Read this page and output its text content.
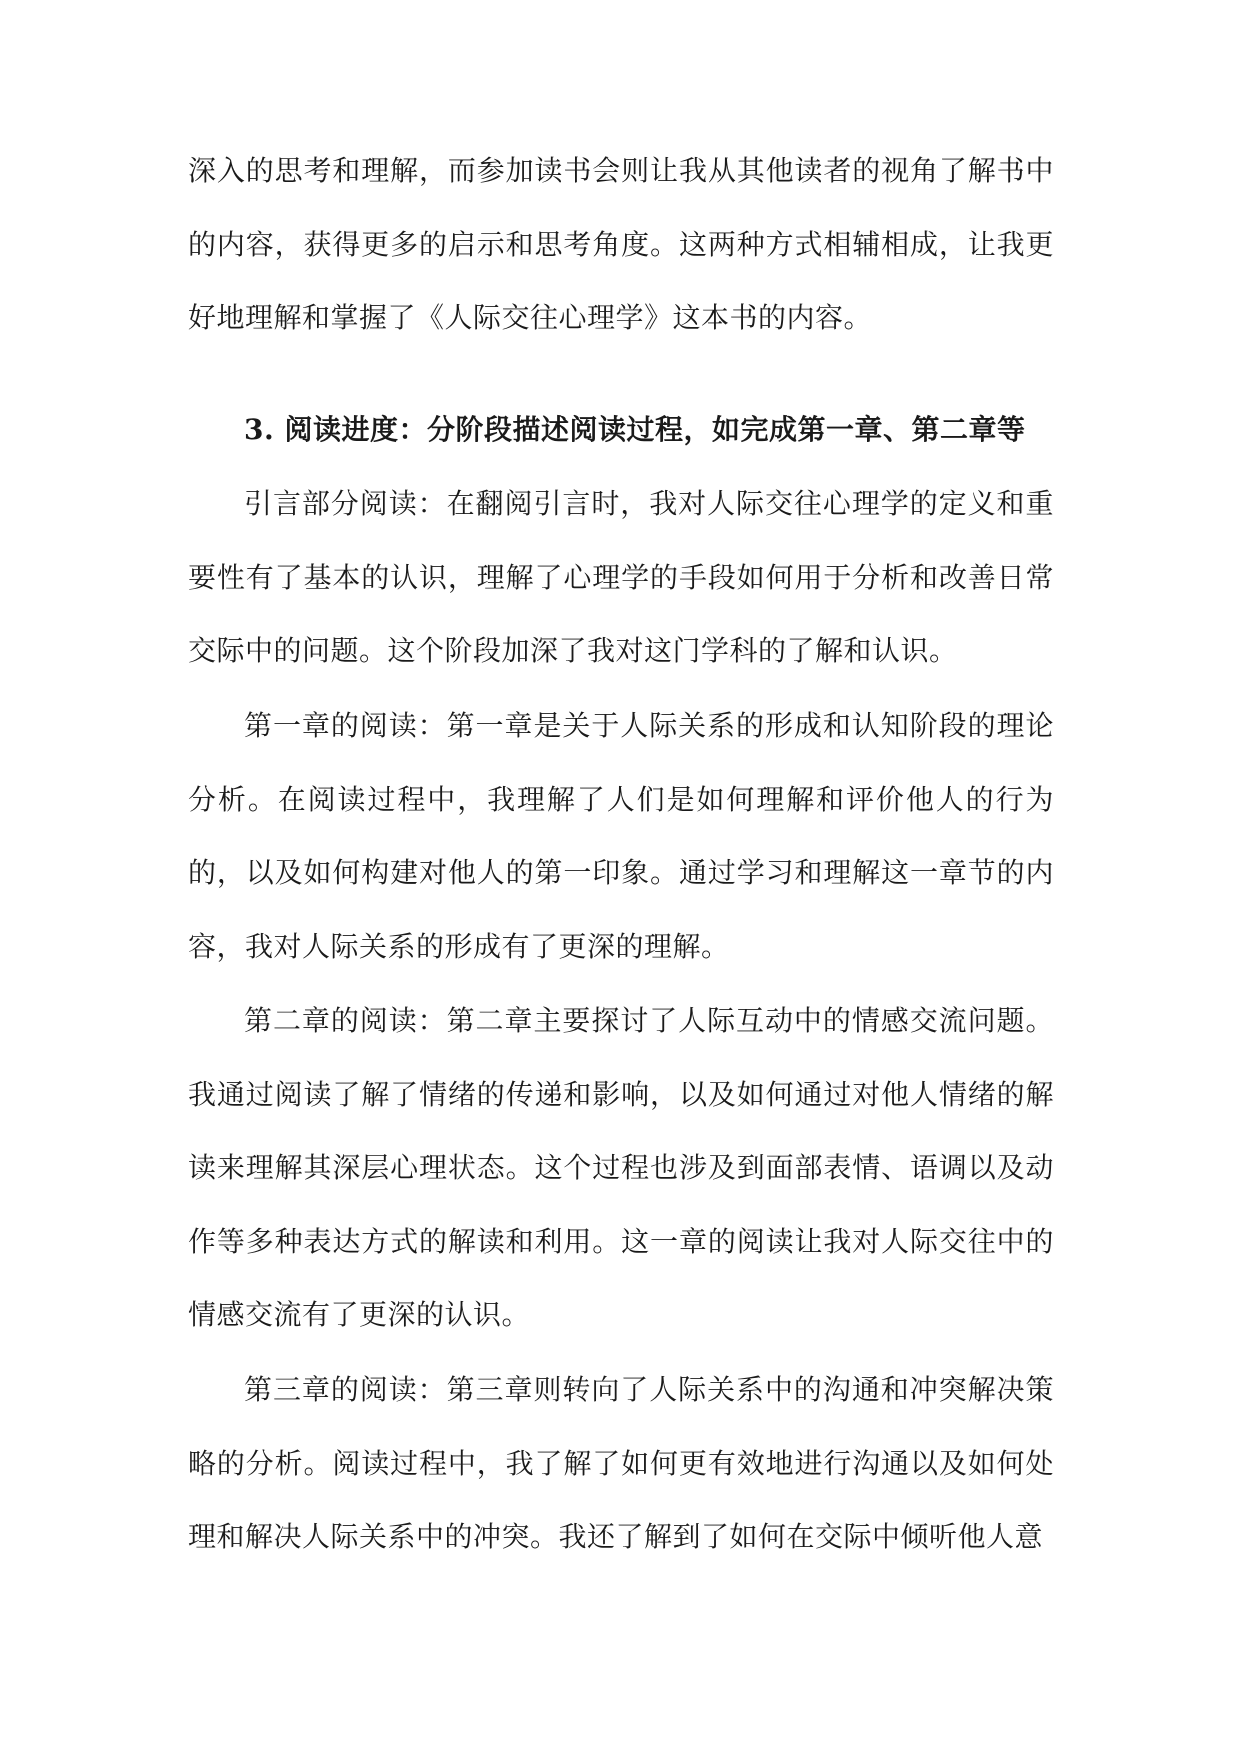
深入的思考和理解，而参加读书会则让我从其他读者的视角了解书中的内容，获得更多的启示和思考角度。这两种方式相辅相成，让我更好地理解和掌握了《人际交往心理学》这本书的内容。

3. 阅读进度：分阶段描述阅读过程，如完成第一章、第二章等

引言部分阅读：在翻阅引言时，我对人际交往心理学的定义和重要性有了基本的认识，理解了心理学的手段如何用于分析和改善日常交际中的问题。这个阶段加深了我对这门学科的了解和认识。

第一章的阅读：第一章是关于人际关系的形成和认知阶段的理论分析。在阅读过程中，我理解了人们是如何理解和评价他人的行为的，以及如何构建对他人的第一印象。通过学习和理解这一章节的内容，我对人际关系的形成有了更深的理解。

第二章的阅读：第二章主要探讨了人际互动中的情感交流问题。我通过阅读了解了情绪的传递和影响，以及如何通过对他人情绪的解读来理解其深层心理状态。这个过程也涉及到面部表情、语调以及动作等多种表达方式的解读和利用。这一章的阅读让我对人际交往中的情感交流有了更深的认识。

第三章的阅读：第三章则转向了人际关系中的沟通和冲突解决策略的分析。阅读过程中，我了解了如何更有效地进行沟通以及如何处理和解决人际关系中的冲突。我还了解到了如何在交际中倾听他人意
